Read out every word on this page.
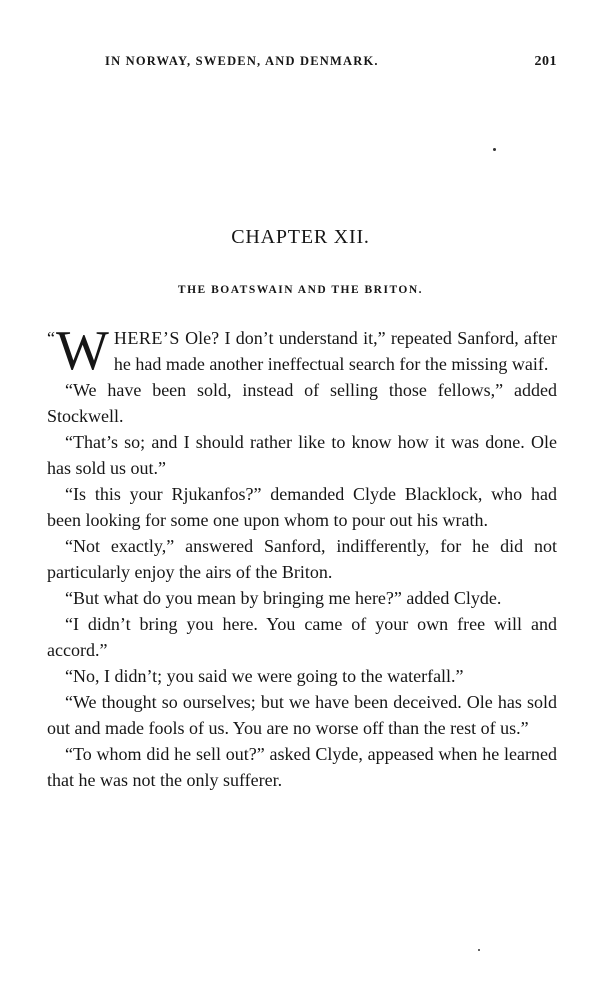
IN NORWAY, SWEDEN, AND DENMARK.	201
CHAPTER XII.
THE BOATSWAIN AND THE BRITON.

“ W HERE’S Ole? I don’t understand it,” repeated Sanford, after he had made another ineffectual search for the missing waif.

“We have been sold, instead of selling those fellows,” added Stockwell.

“That’s so; and I should rather like to know how it was done. Ole has sold us out.”

“Is this your Rjukanfos?” demanded Clyde Blacklock, who had been looking for some one upon whom to pour out his wrath.

“Not exactly,” answered Sanford, indifferently, for he did not particularly enjoy the airs of the Briton.

“But what do you mean by bringing me here?” added Clyde.

“I didn’t bring you here. You came of your own free will and accord.”

“No, I didn’t; you said we were going to the waterfall.”

“We thought so ourselves; but we have been deceived. Ole has sold out and made fools of us. You are no worse off than the rest of us.”

“To whom did he sell out?” asked Clyde, appeased when he learned that he was not the only sufferer.
